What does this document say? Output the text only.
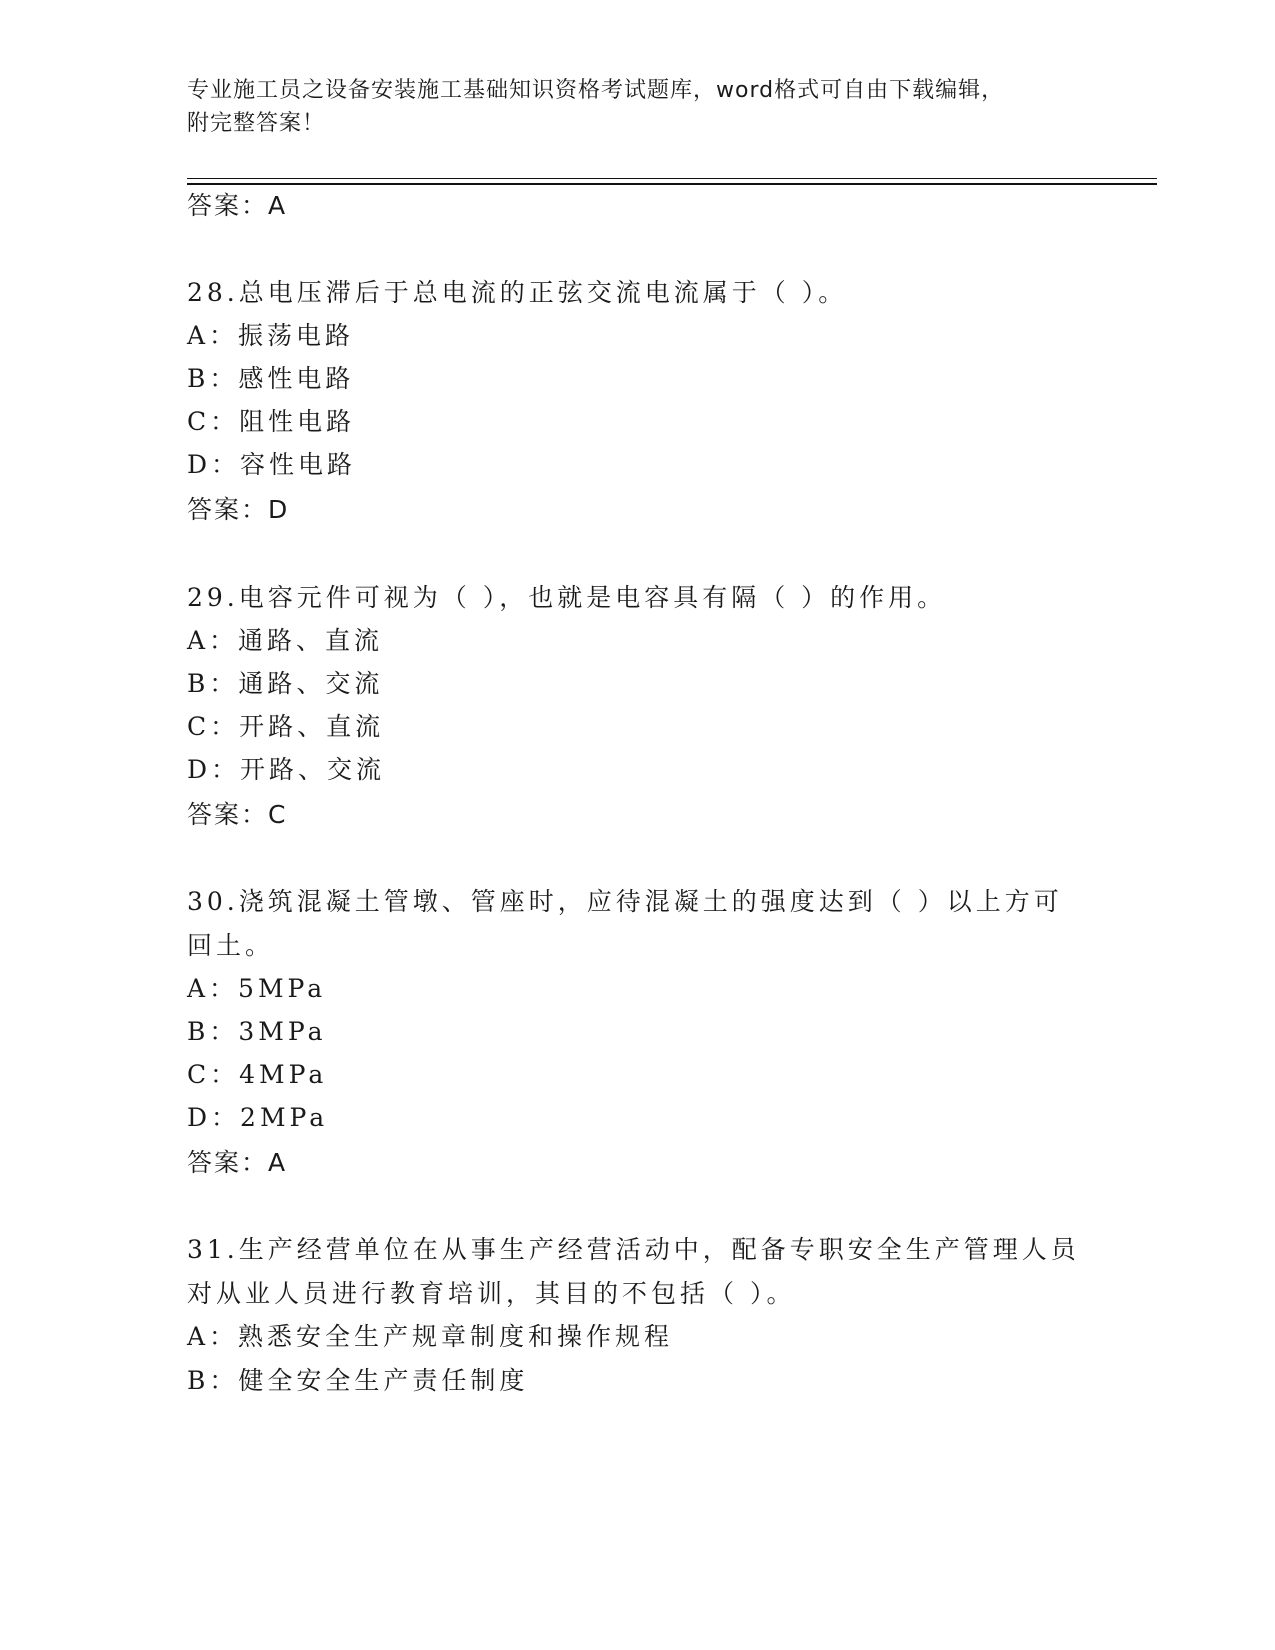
专业施工员之设备安装施工基础知识资格考试题库，word格式可自由下载编辑，
附完整答案！
答案：A
28.总电压滞后于总电流的正弦交流电流属于（ ）。
A：振荡电路
B：感性电路
C：阻性电路
D：容性电路
答案：D
29.电容元件可视为（ ），也就是电容具有隔（ ）的作用。
A：通路、直流
B：通路、交流
C：开路、直流
D：开路、交流
答案：C
30.浇筑混凝土管墩、管座时，应待混凝土的强度达到（ ）以上方可
回土。
A：5MPa
B：3MPa
C：4MPa
D：2MPa
答案：A
31.生产经营单位在从事生产经营活动中，配备专职安全生产管理人员
对从业人员进行教育培训，其目的不包括（ ）。
A：熟悉安全生产规章制度和操作规程
B：健全安全生产责任制度
